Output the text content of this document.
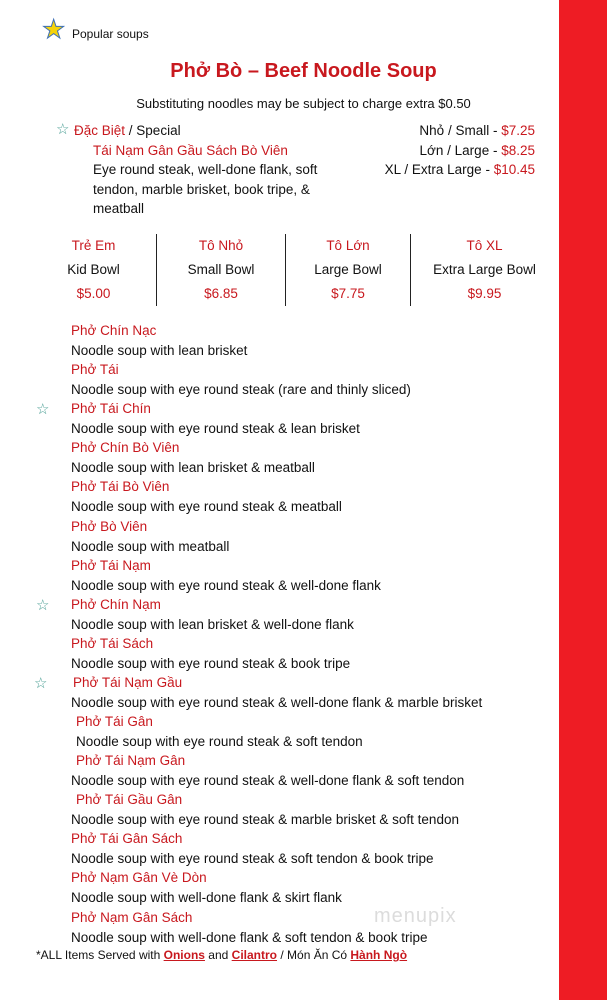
★ Popular soups
Phở Bò – Beef Noodle Soup
Substituting noodles may be subject to charge extra $0.50
☆ Đặc Biệt / Special
Tái Nạm Gân Gầu Sách Bò Viên
Eye round steak, well-done flank, soft
tendon, marble brisket, book tripe, &
meatball
Nhỏ / Small - $7.25
Lớn / Large - $8.25
XL / Extra Large - $10.45
Trẻ Em
Kid Bowl
$5.00
Tô Nhỏ
Small Bowl
$6.85
Tô Lớn
Large Bowl
$7.75
Tô XL
Extra Large Bowl
$9.95
Phở Chín Nạc
Noodle soup with lean brisket
Phở Tái
Noodle soup with eye round steak (rare and thinly sliced)
☆ Phở Tái Chín
Noodle soup with eye round steak & lean brisket
Phở Chín Bò Viên
Noodle soup with lean brisket & meatball
Phở Tái Bò Viên
Noodle soup with eye round steak & meatball
Phở Bò Viên
Noodle soup with meatball
Phở Tái Nạm
Noodle soup with eye round steak & well-done flank
☆ Phở Chín Nạm
Noodle soup with lean brisket & well-done flank
Phở Tái Sách
Noodle soup with eye round steak & book tripe
☆ Phở Tái Nạm Gầu
Noodle soup with eye round steak & well-done flank & marble brisket
Phở Tái Gân
Noodle soup with eye round steak & soft tendon
Phở Tái Nạm Gân
Noodle soup with eye round steak & well-done flank & soft tendon
Phở Tái Gầu Gân
Noodle soup with eye round steak & marble brisket & soft tendon
Phở Tái Gân Sách
Noodle soup with eye round steak & soft tendon & book tripe
Phở Nạm Gân Vè Dòn
Noodle soup with well-done flank & skirt flank
Phở Nạm Gân Sách
Noodle soup with well-done flank & soft tendon & book tripe
*ALL Items Served with Onions and Cilantro / Món Ăn Có Hành Ngò
menupix
